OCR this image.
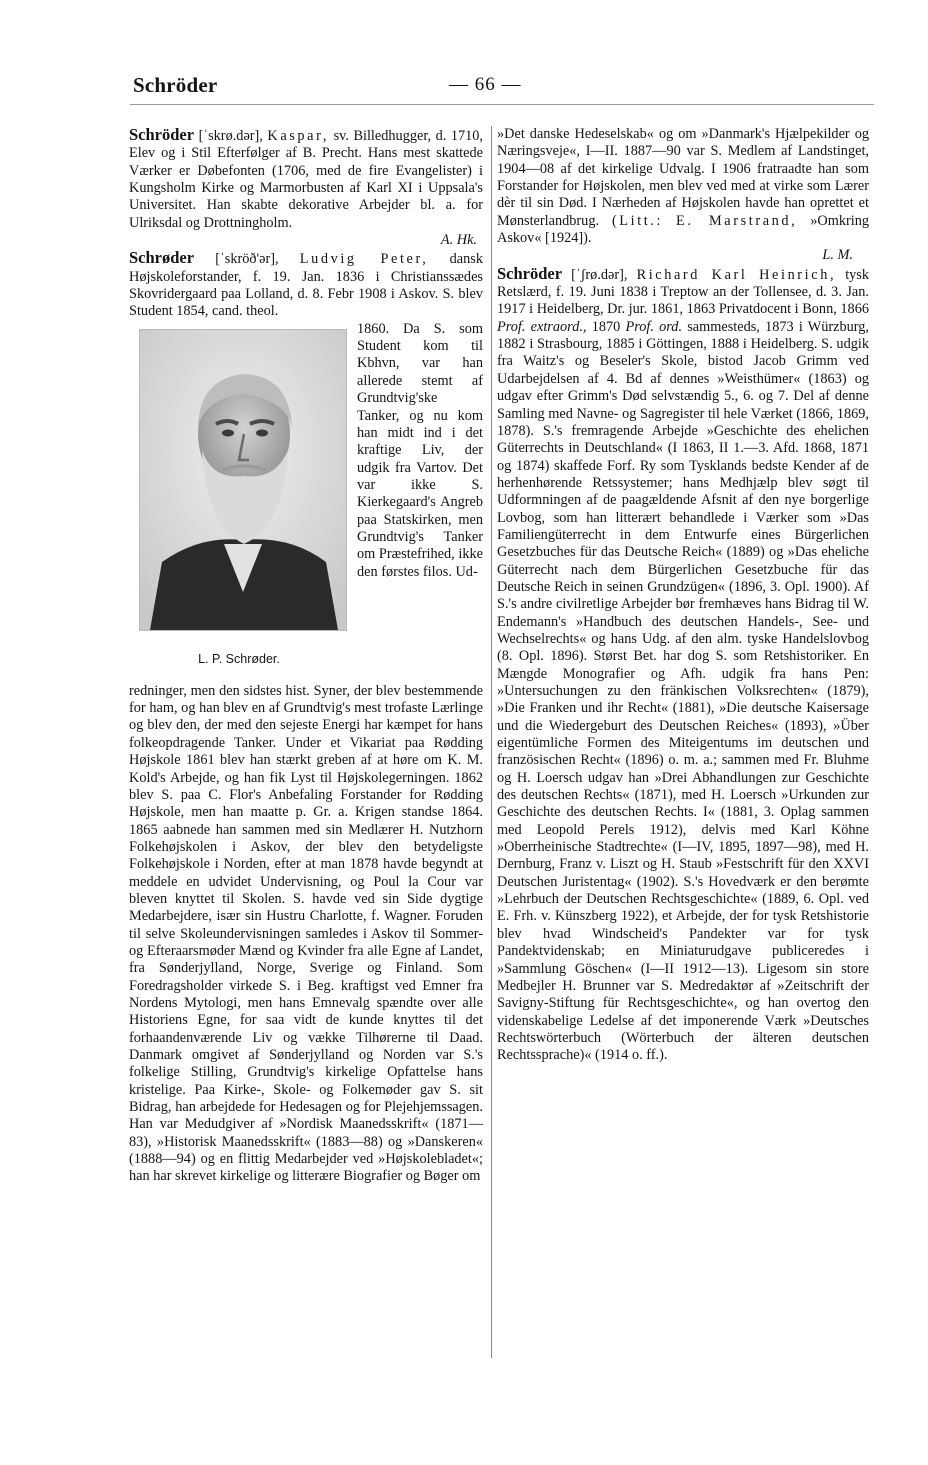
Schröder	— 66 —

Schröder [ˈskrø.dər], Kaspar, sv. Billedhugger, d. 1710, Elev og i Stil Efterfølger af B. Precht. Hans mest skattede Værker er Døbefonten (1706, med de fire Evangelister) i Kungsholm Kirke og Marmorbusten af Karl XI i Uppsala's Universitet. Han skabte dekorative Arbejder bl. a. for Ulriksdal og Drottningholm.
A. Hk.

Schrøder [ˈskröð'ər], Ludvig Peter, dansk Højskoleforstander, f. 19. Jan. 1836 i Christianssædes Skovridergaard paa Lolland, d. 8. Febr 1908 i Askov. S. blev Student 1854, cand. theol.

L. P. Schrøder.

1860. Da S. som Student kom til Kbhvn, var han allerede stemt af Grundtvig'ske Tanker, og nu kom han midt ind i det kraftige Liv, der udgik fra Vartov. Det var ikke S. Kierkegaard's Angreb paa Statskirken, men Grundtvig's Tanker om Præstefrihed, ikke den førstes filos. Ud-

redninger, men den sidstes hist. Syner, der blev bestemmende for ham, og han blev en af Grundtvig's mest trofaste Lærlinge og blev den, der med den sejeste Energi har kæmpet for hans folkeopdragende Tanker. Under et Vikariat paa Rødding Højskole 1861 blev han stærkt greben af at høre om K. M. Kold's Arbejde, og han fik Lyst til Højskolegerningen. 1862 blev S. paa C. Flor's Anbefaling Forstander for Rødding Højskole, men han maatte p. Gr. a. Krigen standse 1864. 1865 aabnede han sammen med sin Medlærer H. Nutzhorn Folkehøjskolen i Askov, der blev den betydeligste Folkehøjskole i Norden, efter at man 1878 havde begyndt at meddele en udvidet Undervisning, og Poul la Cour var bleven knyttet til Skolen. S. havde ved sin Side dygtige Medarbejdere, især sin Hustru Charlotte, f. Wagner. Foruden til selve Skoleundervisningen samledes i Askov til Sommer- og Efteraarsmøder Mænd og Kvinder fra alle Egne af Landet, fra Sønderjylland, Norge, Sverige og Finland. Som Foredragsholder virkede S. i Beg. kraftigst ved Emner fra Nordens Mytologi, men hans Emnevalg spændte over alle Historiens Egne, for saa vidt de kunde knyttes til det forhaandenværende Liv og vække Tilhørerne til Daad. Danmark omgivet af Sønderjylland og Norden var S.'s folkelige Stilling, Grundtvig's kirkelige Opfattelse hans kristelige. Paa Kirke-, Skole- og Folkemøder gav S. sit Bidrag, han arbejdede for Hedesagen og for Plejehjemssagen. Han var Medudgiver af »Nordisk Maanedsskrift« (1871—83), »Historisk Maanedsskrift« (1883—88) og »Danskeren« (1888—94) og en flittig Medarbejder ved »Højskolebladet«; han har skrevet kirkelige og litterære Biografier og Bøger om

»Det danske Hedeselskab« og om »Danmark's Hjælpekilder og Næringsveje«, I—II. 1887—90 var S. Medlem af Landstinget, 1904—08 af det kirkelige Udvalg. I 1906 fratraadte han som Forstander for Højskolen, men blev ved med at virke som Lærer dèr til sin Død. I Nærheden af Højskolen havde han oprettet et Mønsterlandbrug. (Litt.: E. Marstrand, »Omkring Askov« [1924]).
L. M.

Schröder [ˈʃrø.dər], Richard Karl Heinrich, tysk Retslærd, f. 19. Juni 1838 i Treptow an der Tollensee, d. 3. Jan. 1917 i Heidelberg, Dr. jur. 1861, 1863 Privatdocent i Bonn, 1866 Prof. extraord., 1870 Prof. ord. sammesteds, 1873 i Würzburg, 1882 i Strasbourg, 1885 i Göttingen, 1888 i Heidelberg. S. udgik fra Waitz's og Beseler's Skole, bistod Jacob Grimm ved Udarbejdelsen af 4. Bd af dennes »Weisthümer« (1863) og udgav efter Grimm's Død selvstændig 5., 6. og 7. Del af denne Samling med Navne- og Sagregister til hele Værket (1866, 1869, 1878). S.'s fremragende Arbejde »Geschichte des ehelichen Güterrechts in Deutschland« (I 1863, II 1.—3. Afd. 1868, 1871 og 1874) skaffede Forf. Ry som Tysklands bedste Kender af de herhenhørende Retssystemer; hans Medhjælp blev søgt til Udformningen af de paagældende Afsnit af den nye borgerlige Lovbog, som han litterært behandlede i Værker som »Das Familiengüterrecht in dem Entwurfe eines Bürgerlichen Gesetzbuches für das Deutsche Reich« (1889) og »Das eheliche Güterrecht nach dem Bürgerlichen Gesetzbuche für das Deutsche Reich in seinen Grundzügen« (1896, 3. Opl. 1900). Af S.'s andre civilretlige Arbejder bør fremhæves hans Bidrag til W. Endemann's »Handbuch des deutschen Handels-, See- und Wechselrechts« og hans Udg. af den alm. tyske Handelslovbog (8. Opl. 1896). Størst Bet. har dog S. som Retshistoriker. En Mængde Monografier og Afh. udgik fra hans Pen: »Untersuchungen zu den fränkischen Volksrechten« (1879), »Die Franken und ihr Recht« (1881), »Die deutsche Kaisersage und die Wiedergeburt des Deutschen Reiches« (1893), »Über eigentümliche Formen des Miteigentums im deutschen und französischen Recht« (1896) o. m. a.; sammen med Fr. Bluhme og H. Loersch udgav han »Drei Abhandlungen zur Geschichte des deutschen Rechts« (1871), med H. Loersch »Urkunden zur Geschichte des deutschen Rechts. I« (1881, 3. Oplag sammen med Leopold Perels 1912), delvis med Karl Köhne »Oberrheinische Stadtrechte« (I—IV, 1895, 1897—98), med H. Dernburg, Franz v. Liszt og H. Staub »Festschrift für den XXVI Deutschen Juristentag« (1902). S.'s Hovedværk er den berømte »Lehrbuch der Deutschen Rechtsgeschichte« (1889, 6. Opl. ved E. Frh. v. Künszberg 1922), et Arbejde, der for tysk Retshistorie blev hvad Windscheid's Pandekter var for tysk Pandektvidenskab; en Miniaturudgave publiceredes i »Sammlung Göschen« (I—II 1912—13). Ligesom sin store Medbejler H. Brunner var S. Medredaktør af »Zeitschrift der Savigny-Stiftung für Rechtsgeschichte«, og han overtog den videnskabelige Ledelse af det imponerende Værk »Deutsches Rechtswörterbuch (Wörterbuch der älteren deutschen Rechtssprache)« (1914 o. ff.).
